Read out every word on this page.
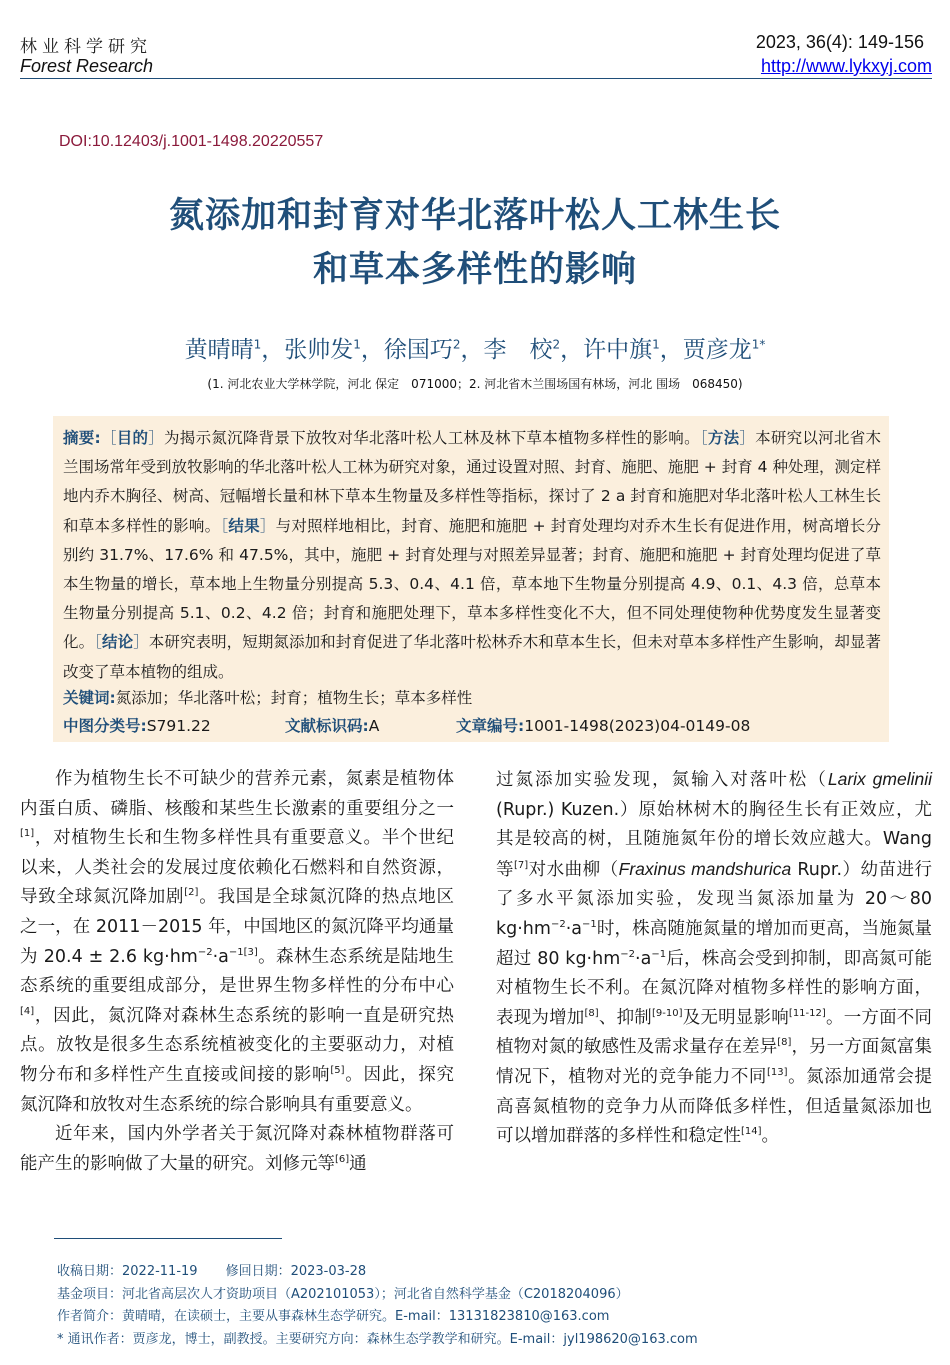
林业科学研究
Forest Research
2023, 36(4): 149-156
http://www.lykxyj.com
DOI:10.12403/j.1001-1498.20220557
氮添加和封育对华北落叶松人工林生长
和草本多样性的影响
黄晴晴$^1$，张帅发$^1$，徐国巧$^2$，李　校$^2$，许中旗$^1$，贾彦龙$^{1*}$
(1. 河北农业大学林学院，河北 保定　071000；2. 河北省木兰围场国有林场，河北 围场　068450)
摘要:［目的］为揭示氮沉降背景下放牧对华北落叶松人工林及林下草本植物多样性的影响。［方法］本研究以河北省木兰围场常年受到放牧影响的华北落叶松人工林为研究对象，通过设置对照、封育、施肥、施肥 + 封育 4 种处理，测定样地内乔木胸径、树高、冠幅增长量和林下草本生物量及多样性等指标，探讨了 2 a 封育和施肥对华北落叶松人工林生长和草本多样性的影响。［结果］与对照样地相比，封育、施肥和施肥 + 封育处理均对乔木生长有促进作用，树高增长分别约 31.7%、17.6% 和 47.5%，其中，施肥 + 封育处理与对照差异显著；封育、施肥和施肥 + 封育处理均促进了草本生物量的增长，草本地上生物量分别提高 5.3、0.4、4.1 倍，草本地下生物量分别提高 4.9、0.1、4.3 倍，总草本生物量分别提高 5.1、0.2、4.2 倍；封育和施肥处理下，草本多样性变化不大，但不同处理使物种优势度发生显著变化。［结论］本研究表明，短期氮添加和封育促进了华北落叶松林乔木和草本生长，但未对草本多样性产生影响，却显著改变了草本植物的组成。
关键词:氮添加；华北落叶松；封育；植物生长；草本多样性
中图分类号:S791.22	文献标识码:A	文章编号:1001-1498(2023)04-0149-08

作为植物生长不可缺少的营养元素，氮素是植物体内蛋白质、磷脂、核酸和某些生长激素的重要组分之一[1]，对植物生长和生物多样性具有重要意义。半个世纪以来，人类社会的发展过度依赖化石燃料和自然资源，导致全球氮沉降加剧[2]。我国是全球氮沉降的热点地区之一，在 2011－2015 年，中国地区的氮沉降平均通量为 20.4 ± 2.6 $kg\cdot hm^{-2}\cdot a^{-1[3]}$。森林生态系统是陆地生态系统的重要组成部分，是世界生物多样性的分布中心[4]，因此，氮沉降对森林生态系统的影响一直是研究热点。放牧是很多生态系统植被变化的主要驱动力，对植物分布和多样性产生直接或间接的影响[5]。因此，探究氮沉降和放牧对生态系统的综合影响具有重要意义。

近年来，国内外学者关于氮沉降对森林植物群落可能产生的影响做了大量的研究。刘修元等[6]通

过氮添加实验发现，氮输入对落叶松（Larix gmelinii (Rupr.) Kuzen.）原始林树木的胸径生长有正效应，尤其是较高的树，且随施氮年份的增长效应越大。Wang 等[7]对水曲柳（Fraxinus mandshurica Rupr.）幼苗进行了多水平氮添加实验，发现当氮添加量为 20～80 $kg\cdot hm^{-2}\cdot a^{-1}$时，株高随施氮量的增加而更高，当施氮量超过 80 $kg\cdot hm^{-2}\cdot a^{-1}$后，株高会受到抑制，即高氮可能对植物生长不利。在氮沉降对植物多样性的影响方面，表现为增加[8]、抑制[9-10]及无明显影响[11-12]。一方面不同植物对氮的敏感性及需求量存在差异[8]，另一方面氮富集情况下，植物对光的竞争能力不同[13]。氮添加通常会提高喜氮植物的竞争力从而降低多样性，但适量氮添加也可以增加群落的多样性和稳定性[14]。

收稿日期：2022-11-19 修回日期：2023-03-28
基金项目：河北省高层次人才资助项目（A202101053）；河北省自然科学基金（C2018204096）
作者简介：黄晴晴，在读硕士，主要从事森林生态学研究。E-mail：13131823810@163.com
* 通讯作者：贾彦龙，博士，副教授。主要研究方向：森林生态学教学和研究。E-mail：jyl198620@163.com
